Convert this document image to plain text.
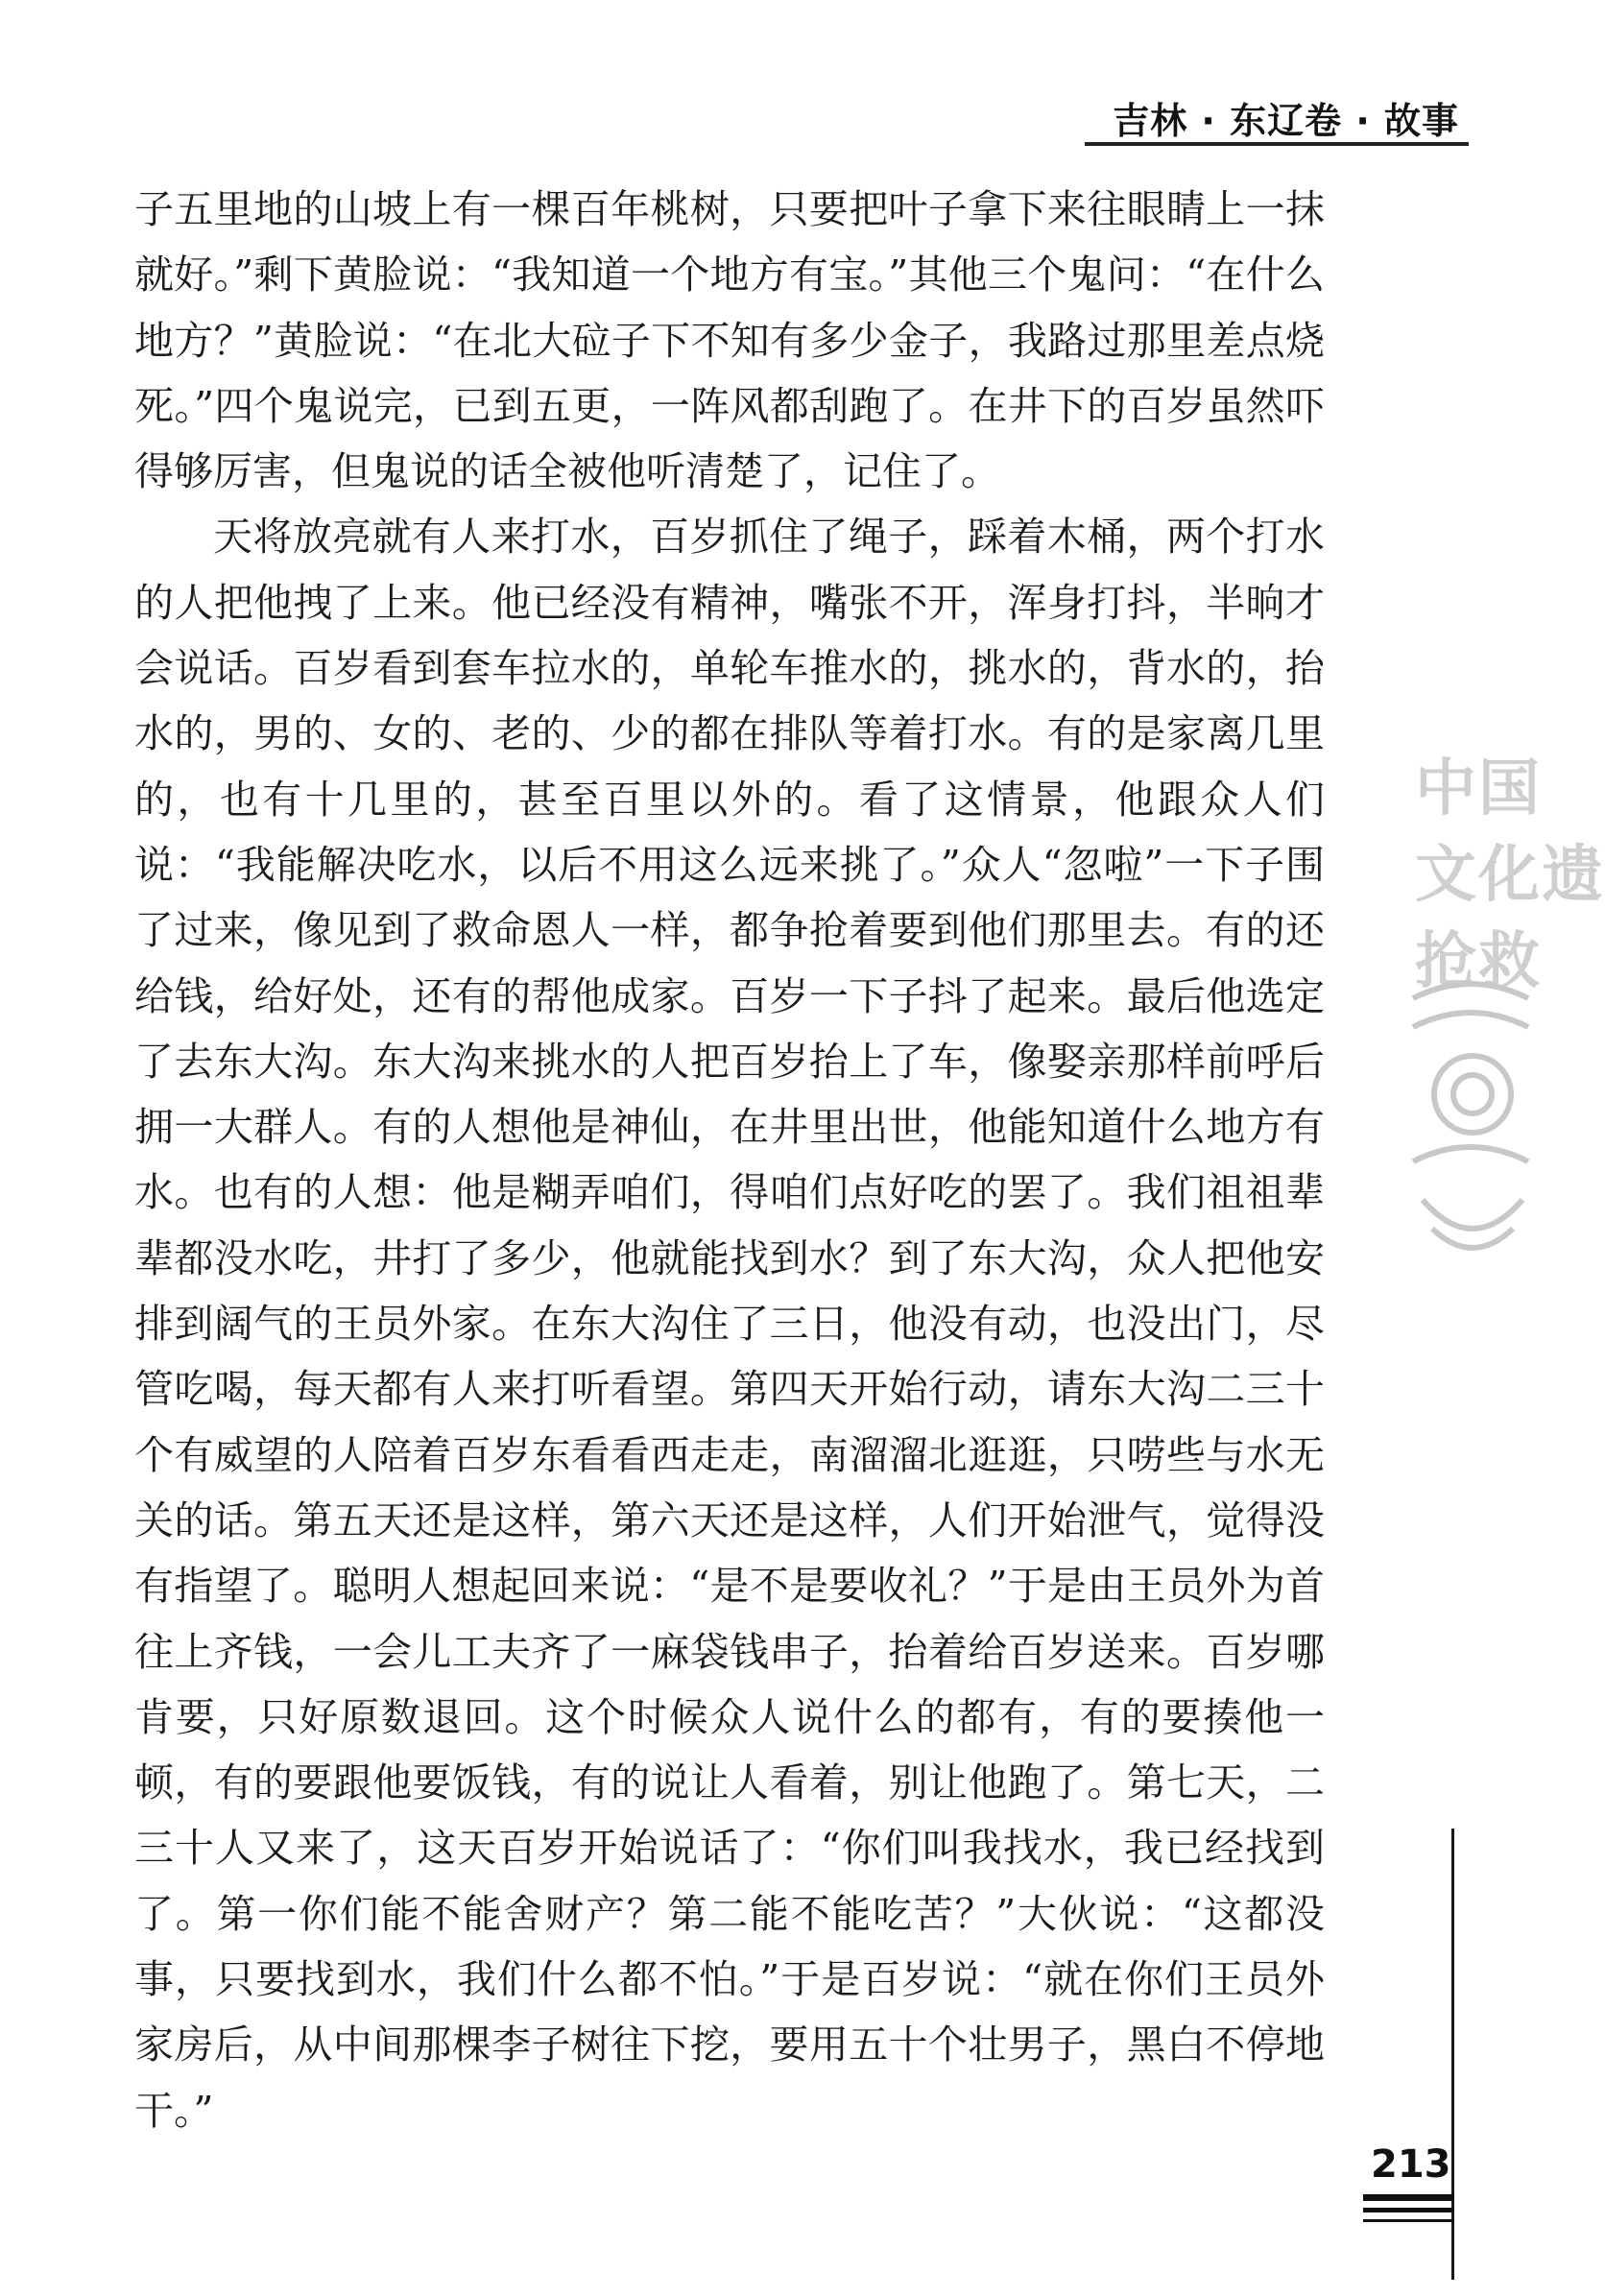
吉林 · 东辽卷 · 故事

子五里地的山坡上有一棵百年桃树，只要把叶子拿下来往眼睛上一抹就好。”剩下黄脸说：“我知道一个地方有宝。”其他三个鬼问：“在什么地方？”黄脸说：“在北大砬子下不知有多少金子，我路过那里差点烧死。”四个鬼说完，已到五更，一阵风都刮跑了。在井下的百岁虽然吓得够厉害，但鬼说的话全被他听清楚了，记住了。

天将放亮就有人来打水，百岁抓住了绳子，踩着木桶，两个打水的人把他拽了上来。他已经没有精神，嘴张不开，浑身打抖，半晌才会说话。百岁看到套车拉水的，单轮车推水的，挑水的，背水的，抬水的，男的、女的、老的、少的都在排队等着打水。有的是家离几里的，也有十几里的，甚至百里以外的。看了这情景，他跟众人们说：“我能解决吃水，以后不用这么远来挑了。”众人“忽啦”一下子围了过来，像见到了救命恩人一样，都争抢着要到他们那里去。有的还给钱，给好处，还有的帮他成家。百岁一下子抖了起来。最后他选定了去东大沟。东大沟来挑水的人把百岁抬上了车，像娶亲那样前呼后拥一大群人。有的人想他是神仙，在井里出世，他能知道什么地方有水。也有的人想：他是糊弄咱们，得咱们点好吃的罢了。我们祖祖辈辈都没水吃，井打了多少，他就能找到水？到了东大沟，众人把他安排到阔气的王员外家。在东大沟住了三日，他没有动，也没出门，尽管吃喝，每天都有人来打听看望。第四天开始行动，请东大沟二三十个有威望的人陪着百岁东看看西走走，南溜溜北逛逛，只唠些与水无关的话。第五天还是这样，第六天还是这样，人们开始泄气，觉得没有指望了。聪明人想起回来说：“是不是要收礼？”于是由王员外为首往上齐钱，一会儿工夫齐了一麻袋钱串子，抬着给百岁送来。百岁哪肯要，只好原数退回。这个时候众人说什么的都有，有的要揍他一顿，有的要跟他要饭钱，有的说让人看着，别让他跑了。第七天，二三十人又来了，这天百岁开始说话了：“你们叫我找水，我已经找到了。第一你们能不能舍财产？第二能不能吃苦？”大伙说：“这都没事，只要找到水，我们什么都不怕。”于是百岁说：“就在你们王员外家房后，从中间那棵李子树往下挖，要用五十个壮男子，黑白不停地干。”

中国
文化遗
抢救
213
